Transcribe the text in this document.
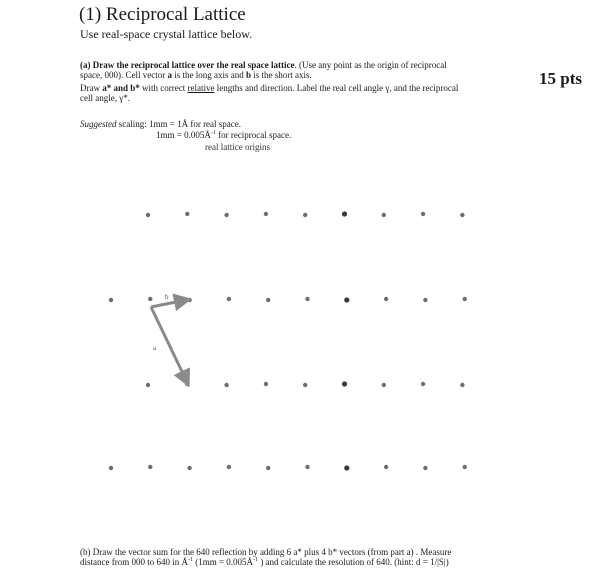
(1) Reciprocal Lattice
Use real-space crystal lattice below.
(a) Draw the reciprocal lattice over the real space lattice. (Use any point as the origin of reciprocal
space, 000). Cell vector a is the long axis and b is the short axis.
Draw a* and b* with correct relative lengths and direction. Label the real cell angle γ, and the reciprocal
cell angle, γ*.
15 pts
Suggested scaling: 1mm = 1Å for real space.
$1mm = 0.005Å^{-1}$ for reciprocal space.
real lattice origins
b
a
(b) Draw the vector sum for the 640 reflection by adding 6 a* plus 4 b* vectors (from part a) . Measure
distance from 000 to 640 in $Å^{-1}$ ($1mm = 0.005Å^{-1}$ ) and calculate the resolution of 640. (hint: d = 1/|S|)
